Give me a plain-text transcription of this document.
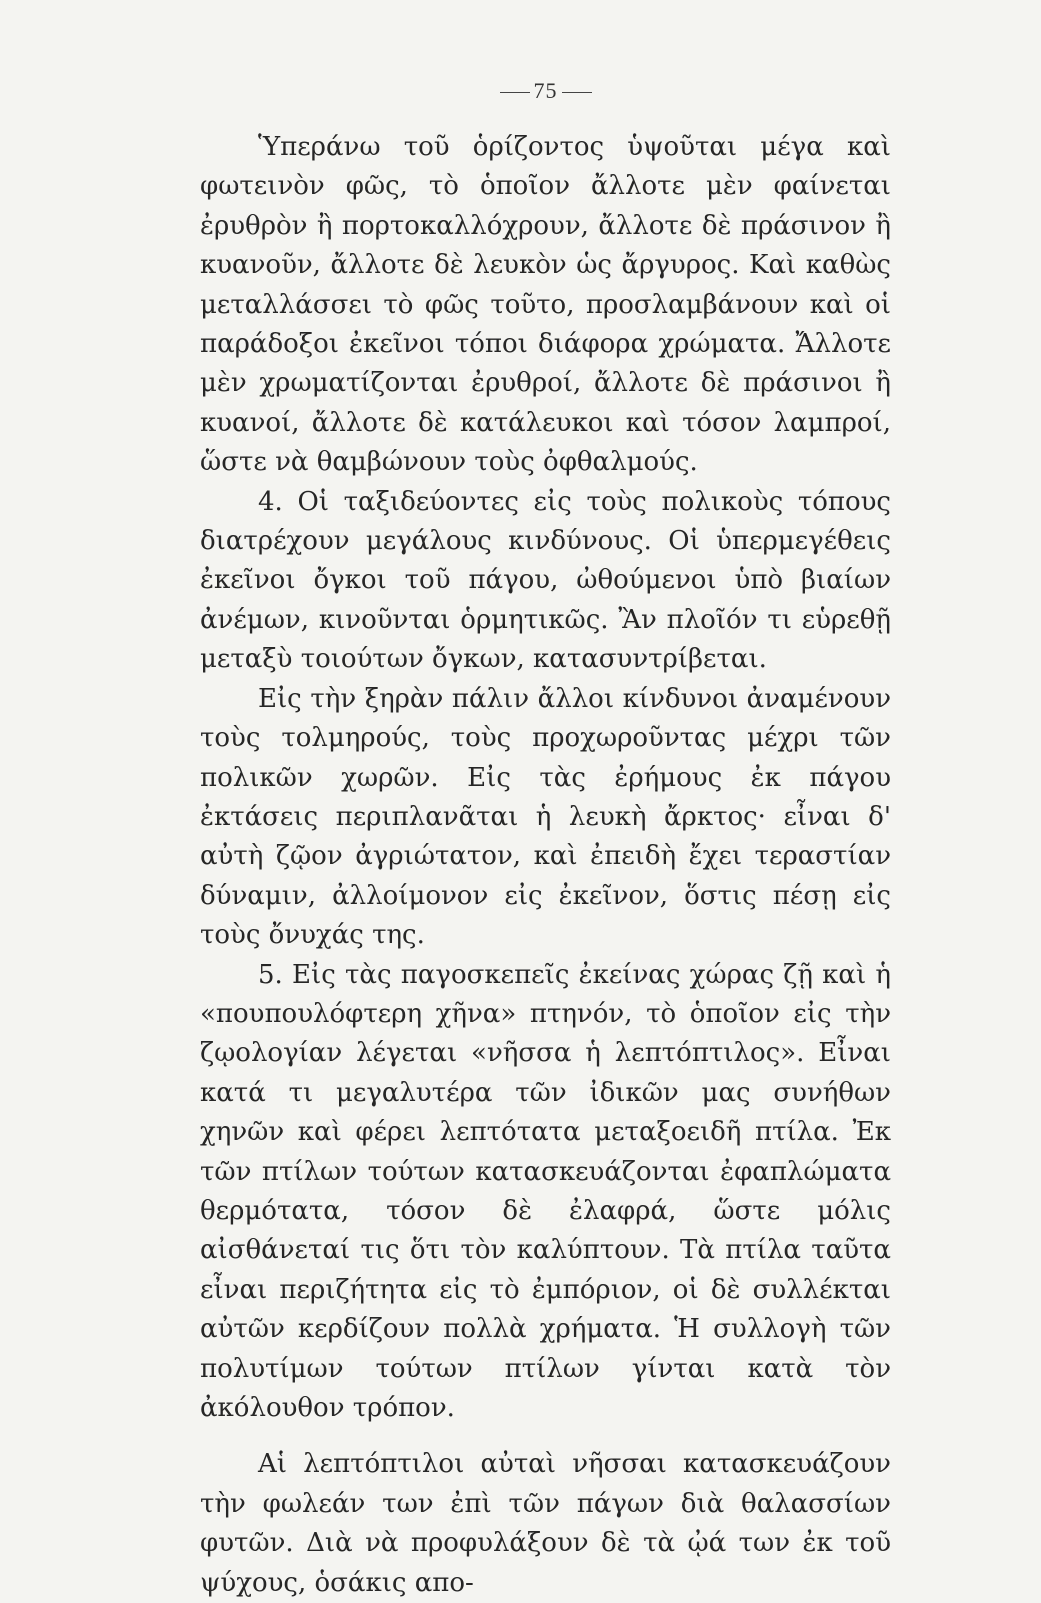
75

Ὑπεράνω τοῦ ὁρίζοντος ὑψοῦται μέγα καὶ φωτεινὸν φῶς, τὸ ὁποῖον ἄλλοτε μὲν φαίνεται ἐρυθρὸν ἢ πορτοκαλλόχρουν, ἄλλοτε δὲ πράσινον ἢ κυανοῦν, ἄλλοτε δὲ λευκὸν ὡς ἄργυρος. Καὶ καθὼς μεταλλάσσει τὸ φῶς τοῦτο, προσλαμβάνουν καὶ οἱ παράδοξοι ἐκεῖνοι τόποι διάφορα χρώματα. Ἄλλοτε μὲν χρωματίζονται ἐρυθροί, ἄλλοτε δὲ πράσινοι ἢ κυανοί, ἄλλοτε δὲ κατάλευκοι καὶ τόσον λαμπροί, ὥστε νὰ θαμβώνουν τοὺς ὀφθαλμούς.

4. Οἱ ταξιδεύοντες εἰς τοὺς πολικοὺς τόπους διατρέχουν μεγάλους κινδύνους. Οἱ ὑπερμεγέθεις ἐκεῖνοι ὄγκοι τοῦ πάγου, ὠθούμενοι ὑπὸ βιαίων ἀνέμων, κινοῦνται ὁρμητικῶς. Ἂν πλοῖόν τι εὑρεθῇ μεταξὺ τοιούτων ὄγκων, κατασυντρίβεται.

Εἰς τὴν ξηρὰν πάλιν ἄλλοι κίνδυνοι ἀναμένουν τοὺς τολμηρούς, τοὺς προχωροῦντας μέχρι τῶν πολικῶν χωρῶν. Εἰς τὰς ἐρήμους ἐκ πάγου ἐκτάσεις περιπλανᾶται ἡ λευκὴ ἄρκτος· εἶναι δ' αὐτὴ ζῷον ἀγριώτατον, καὶ ἐπειδὴ ἔχει τεραστίαν δύναμιν, ἀλλοίμονον εἰς ἐκεῖνον, ὅστις πέσῃ εἰς τοὺς ὄνυχάς της.

5. Εἰς τὰς παγοσκεπεῖς ἐκείνας χώρας ζῇ καὶ ἡ «πουπουλόφτερη χῆνα» πτηνόν, τὸ ὁποῖον εἰς τὴν ζῳολογίαν λέγεται «νῆσσα ἡ λεπτόπτιλος». Εἶναι κατά τι μεγαλυτέρα τῶν ἰδικῶν μας συνήθων χηνῶν καὶ φέρει λεπτότατα μεταξοειδῆ πτίλα. Ἐκ τῶν πτίλων τούτων κατασκευάζονται ἐφαπλώματα θερμότατα, τόσον δὲ ἐλαφρά, ὥστε μόλις αἰσθάνεταί τις ὅτι τὸν καλύπτουν. Τὰ πτίλα ταῦτα εἶναι περιζήτητα εἰς τὸ ἐμπόριον, οἱ δὲ συλλέκται αὐτῶν κερδίζουν πολλὰ χρήματα. Ἡ συλλογὴ τῶν πολυτίμων τούτων πτίλων γίνται κατὰ τὸν ἀκόλουθον τρόπον.

Αἱ λεπτόπτιλοι αὐταὶ νῆσσαι κατασκευάζουν τὴν φωλεάν των ἐπὶ τῶν πάγων διὰ θαλασσίων φυτῶν. Διὰ νὰ προφυλάξουν δὲ τὰ ᾠά των ἐκ τοῦ ψύχους, ὁσάκις απο-
